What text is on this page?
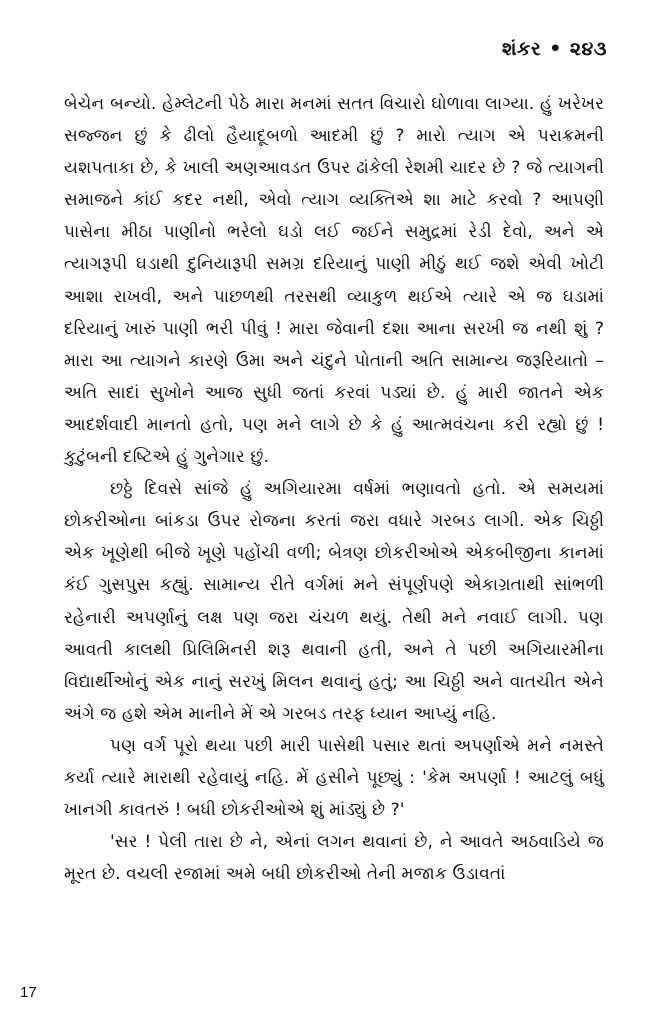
શંકર • ૨૪૩

બેચેન બન્યો. હેમ્લેટની પેઠે મારા મનમાં સતત વિચારો ઘોળાવા લાગ્યા. હું ખરેખર સજ્જન છું કે ઢીલો હૈયાદૂબળો આદમી છું ? મારો ત્યાગ એ પરાક્રમની યશપતાકા છે, કે ખાલી અણઆવડત ઉપર ઢાંકેલી રેશમી ચાદર છે ? જે ત્યાગની સમાજને કાંઈ કદર નથી, એવો ત્યાગ વ્યક્તિએ શા માટે કરવો ? આપણી પાસેના મીઠા પાણીનો ભરેલો ઘડો લઈ જઈને સમુદ્રમાં રેડી દેવો, અને એ ત્યાગરૂપી ઘડાથી દુનિયારૂપી સમગ્ર દરિયાનું પાણી મીઠું થઈ જશે એવી ખોટી આશા રાખવી, અને પાછળથી તરસથી વ્યાકુળ થઈએ ત્યારે એ જ ઘડામાં દરિયાનું ખારું પાણી ભરી પીવું ! મારા જેવાની દશા આના સરખી જ નથી શું ? મારા આ ત્યાગને કારણે ઉમા અને ચંદુને પોતાની અતિ સામાન્ય જરૂરિયાતો – અતિ સાદાં સુખોને આજ સુધી જતાં કરવાં પડ્યાં છે. હું મારી જાતને એક આદર્શવાદી માનતો હતો, પણ મને લાગે છે કે હું આત્મવંચના કરી રહ્યો છું ! કુટુંબની દષ્ટિએ હું ગુનેગાર છું.

છઠ્ઠે દિવસે સાંજે હું અગિયારમા વર્ષમાં ભણાવતો હતો. એ સમયમાં છોકરીઓના બાંકડા ઉપર રોજના કરતાં જરા વધારે ગરબડ લાગી. એક ચિઠ્ઠી એક ખૂણેથી બીજે ખૂણે પહોંચી વળી; બેત્રણ છોકરીઓએ એકબીજીના કાનમાં કંઈ ગુસપુસ કહ્યું. સામાન્ય રીતે વર્ગમાં મને સંપૂર્ણપણે એકાગ્રતાથી સાંભળી રહેનારી અપર્ણાનું લક્ષ પણ જરા ચંચળ થયું. તેથી મને નવાઈ લાગી. પણ આવતી કાલથી પ્રિલિમિનરી શરૂ થવાની હતી, અને તે પછી અગિયારમીના વિદ્યાર્થીઓનું એક નાનું સરખું મિલન થવાનું હતું; આ ચિઠ્ઠી અને વાતચીત એને અંગે જ હશે એમ માનીને મેં એ ગરબડ તરફ ધ્યાન આપ્યું નહિ.

પણ વર્ગ પૂરો થયા પછી મારી પાસેથી પસાર થતાં અપર્ણાએ મને નમસ્તે કર્યા ત્યારે મારાથી રહેવાયું નહિ. મેં હસીને પૂછ્યું : 'કેમ અપર્ણા ! આટલું બધું ખાનગી કાવતરું ! બધી છોકરીઓએ શું માંડ્યું છે ?'

'સર ! પેલી તારા છે ને, એનાં લગન થવાનાં છે, ને આવતે અઠવાડિયે જ મૂરત છે. વચલી રજામાં અમે બધી છોકરીઓ તેની મજાક ઉડાવતાં

17
